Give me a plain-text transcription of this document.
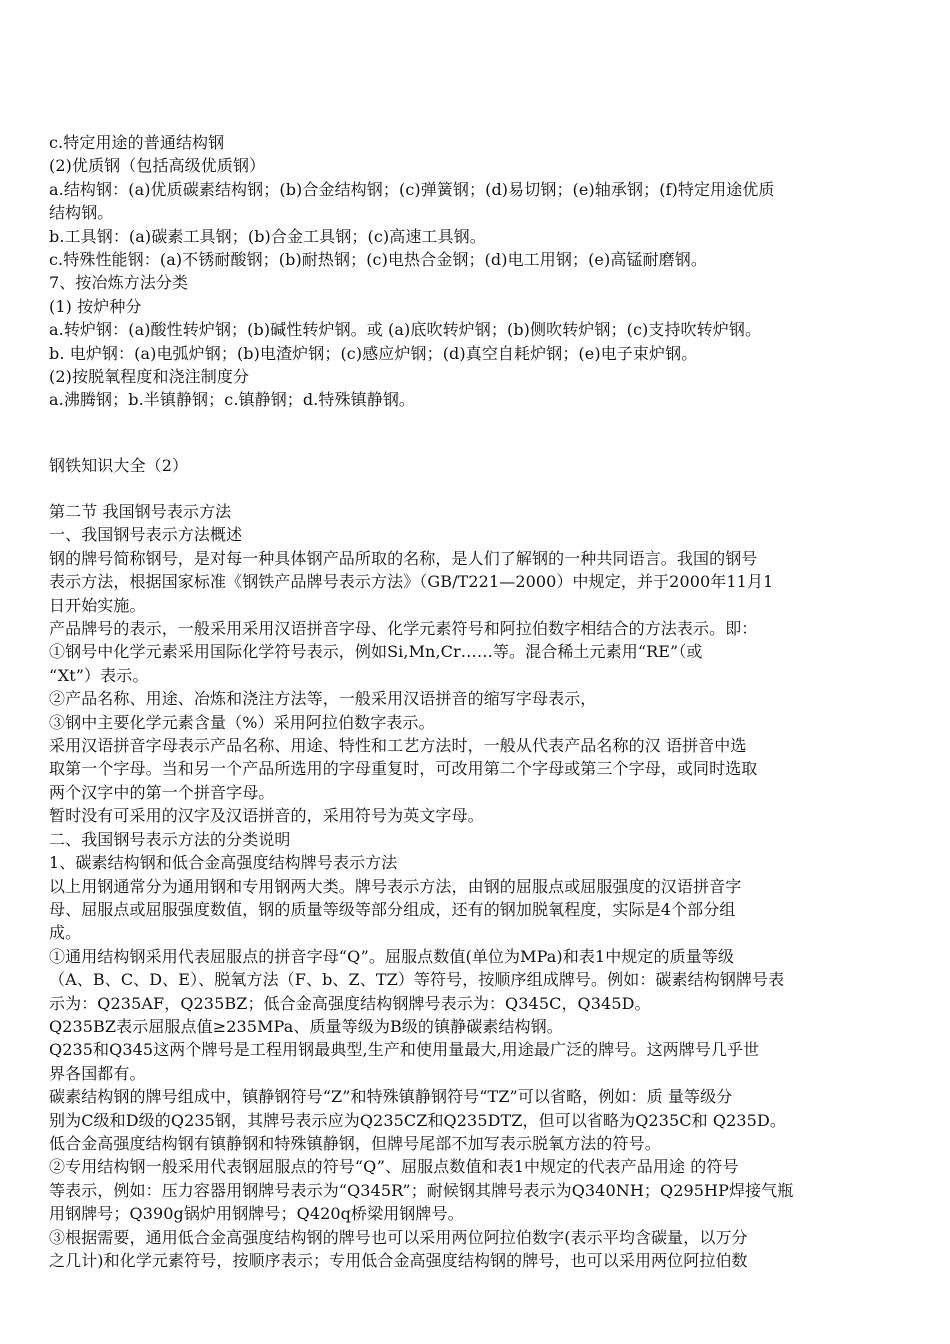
c.特定用途的普通结构钢
(2)优质钢（包括高级优质钢）
a.结构钢：(a)优质碳素结构钢；(b)合金结构钢；(c)弹簧钢；(d)易切钢；(e)轴承钢；(f)特定用途优质
结构钢。
b.工具钢：(a)碳素工具钢；(b)合金工具钢；(c)高速工具钢。
c.特殊性能钢：(a)不锈耐酸钢；(b)耐热钢；(c)电热合金钢；(d)电工用钢；(e)高锰耐磨钢。
7、按冶炼方法分类
(1) 按炉种分
a.转炉钢：(a)酸性转炉钢；(b)碱性转炉钢。或 (a)底吹转炉钢；(b)侧吹转炉钢；(c)支持吹转炉钢。
b. 电炉钢：(a)电弧炉钢；(b)电渣炉钢；(c)感应炉钢；(d)真空自耗炉钢；(e)电子束炉钢。
(2)按脱氧程度和浇注制度分
a.沸腾钢；b.半镇静钢；c.镇静钢；d.特殊镇静钢。
钢铁知识大全（2）
第二节 我国钢号表示方法
一、我国钢号表示方法概述
钢的牌号简称钢号，是对每一种具体钢产品所取的名称，是人们了解钢的一种共同语言。我国的钢号
表示方法，根据国家标准《钢铁产品牌号表示方法》（GB/T221—2000）中规定，并于2000年11月1
日开始实施。
产品牌号的表示，一般采用采用汉语拼音字母、化学元素符号和阿拉伯数字相结合的方法表示。即：
①钢号中化学元素采用国际化学符号表示，例如Si,Mn,Cr……等。混合稀土元素用“RE”（或
“Xt”）表示。
②产品名称、用途、冶炼和浇注方法等，一般采用汉语拼音的缩写字母表示，
③钢中主要化学元素含量（%）采用阿拉伯数字表示。
采用汉语拼音字母表示产品名称、用途、特性和工艺方法时，一般从代表产品名称的汉 语拼音中选
取第一个字母。当和另一个产品所选用的字母重复时，可改用第二个字母或第三个字母，或同时选取
两个汉字中的第一个拼音字母。
暂时没有可采用的汉字及汉语拼音的，采用符号为英文字母。
二、我国钢号表示方法的分类说明
1、碳素结构钢和低合金高强度结构牌号表示方法
以上用钢通常分为通用钢和专用钢两大类。牌号表示方法，由钢的屈服点或屈服强度的汉语拼音字
母、屈服点或屈服强度数值，钢的质量等级等部分组成，还有的钢加脱氧程度，实际是4个部分组
成。
①通用结构钢采用代表屈服点的拼音字母“Q”。屈服点数值(单位为MPa)和表1中规定的质量等级
（A、B、C、D、E）、脱氧方法（F、b、Z、TZ）等符号，按顺序组成牌号。例如：碳素结构钢牌号表
示为：Q235AF，Q235BZ；低合金高强度结构钢牌号表示为：Q345C，Q345D。
Q235BZ表示屈服点值≥235MPa、质量等级为B级的镇静碳素结构钢。
Q235和Q345这两个牌号是工程用钢最典型,生产和使用量最大,用途最广泛的牌号。这两牌号几乎世
界各国都有。
碳素结构钢的牌号组成中，镇静钢符号“Z”和特殊镇静钢符号“TZ”可以省略，例如：质 量等级分
别为C级和D级的Q235钢，其牌号表示应为Q235CZ和Q235DTZ，但可以省略为Q235C和 Q235D。
低合金高强度结构钢有镇静钢和特殊镇静钢，但牌号尾部不加写表示脱氧方法的符号。
②专用结构钢一般采用代表钢屈服点的符号“Q”、屈服点数值和表1中规定的代表产品用途 的符号
等表示，例如：压力容器用钢牌号表示为“Q345R”；耐候钢其牌号表示为Q340NH；Q295HP焊接气瓶
用钢牌号；Q390g锅炉用钢牌号；Q420q桥梁用钢牌号。
③根据需要，通用低合金高强度结构钢的牌号也可以采用两位阿拉伯数字(表示平均含碳量，以万分
之几计)和化学元素符号，按顺序表示；专用低合金高强度结构钢的牌号，也可以采用两位阿拉伯数
